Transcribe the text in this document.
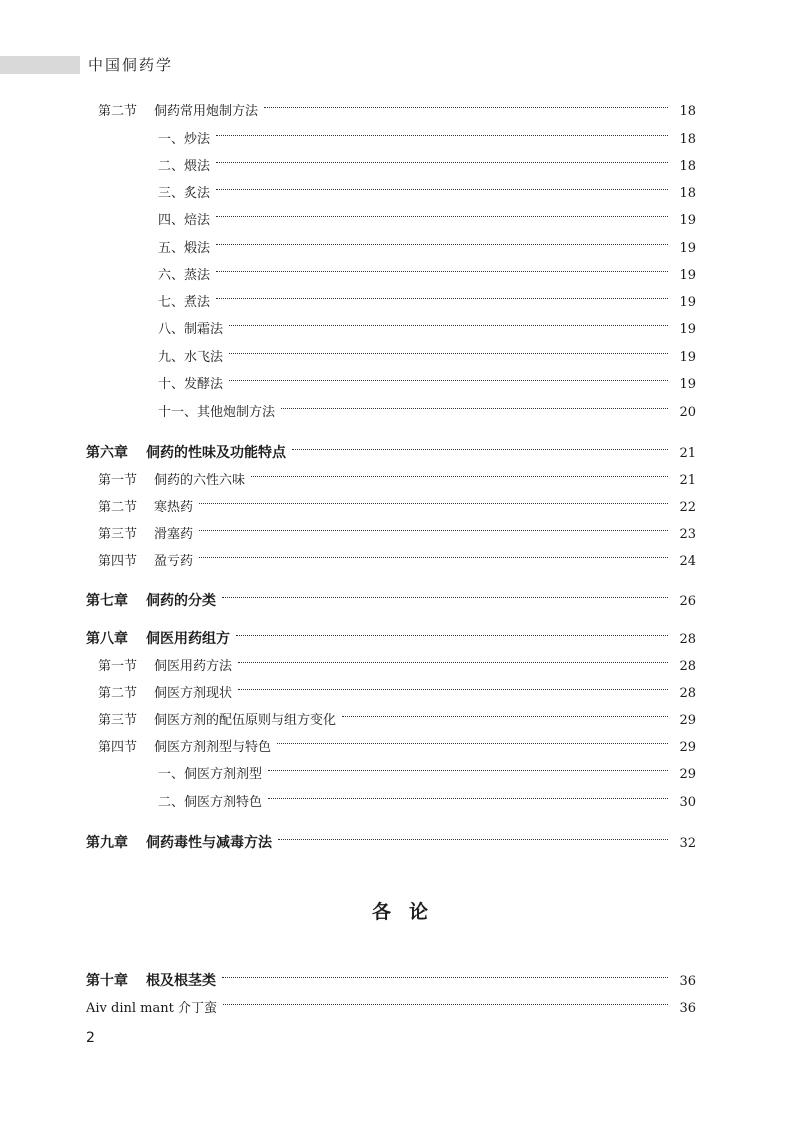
中国侗药学
第二节 侗药常用炮制方法	18
一、炒法	18
二、煨法	18
三、炙法	18
四、焙法	19
五、煅法	19
六、蒸法	19
七、煮法	19
八、制霜法	19
九、水飞法	19
十、发酵法	19
十一、其他炮制方法	20
第六章 侗药的性味及功能特点	21
第一节 侗药的六性六味	21
第二节 寒热药	22
第三节 滑塞药	23
第四节 盈亏药	24
第七章 侗药的分类	26
第八章 侗医用药组方	28
第一节 侗医用药方法	28
第二节 侗医方剂现状	28
第三节 侗医方剂的配伍原则与组方变化	29
第四节 侗医方剂剂型与特色	29
一、侗医方剂剂型	29
二、侗医方剂特色	30
第九章 侗药毒性与减毒方法	32
各论
第十章 根及根茎类	36
Aiv dinl mant 介丁蛮	36
2
